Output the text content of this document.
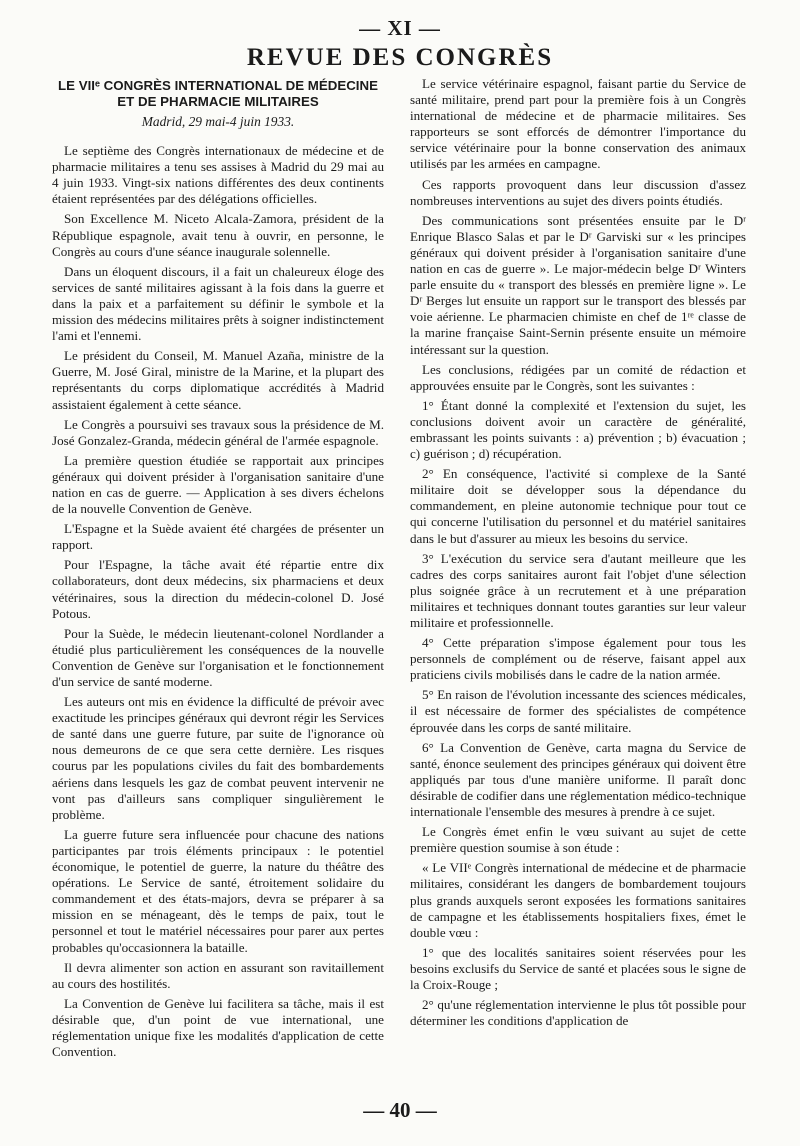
— XI —
REVUE DES CONGRÈS
LE VIIᵉ CONGRÈS INTERNATIONAL DE MÉDECINE
ET DE PHARMACIE MILITAIRES
Madrid, 29 mai-4 juin 1933.

Le septième des Congrès internationaux de médecine et de pharmacie militaires a tenu ses assises à Madrid du 29 mai au 4 juin 1933. Vingt-six nations différentes des deux continents étaient représentées par des délégations officielles.

Son Excellence M. Niceto Alcala-Zamora, président de la République espagnole, avait tenu à ouvrir, en personne, le Congrès au cours d'une séance inaugurale solennelle.

Dans un éloquent discours, il a fait un chaleureux éloge des services de santé militaires agissant à la fois dans la guerre et dans la paix et a parfaitement su définir le symbole et la mission des médecins militaires prêts à soigner indistinctement l'ami et l'ennemi.

Le président du Conseil, M. Manuel Azaña, ministre de la Guerre, M. José Giral, ministre de la Marine, et la plupart des représentants du corps diplomatique accrédités à Madrid assistaient également à cette séance.

Le Congrès a poursuivi ses travaux sous la présidence de M. José Gonzalez-Granda, médecin général de l'armée espagnole.

La première question étudiée se rapportait aux principes généraux qui doivent présider à l'organisation sanitaire d'une nation en cas de guerre. — Application à ses divers échelons de la nouvelle Convention de Genève.

L'Espagne et la Suède avaient été chargées de présenter un rapport.

Pour l'Espagne, la tâche avait été répartie entre dix collaborateurs, dont deux médecins, six pharmaciens et deux vétérinaires, sous la direction du médecin-colonel D. José Potous.

Pour la Suède, le médecin lieutenant-colonel Nordlander a étudié plus particulièrement les conséquences de la nouvelle Convention de Genève sur l'organisation et le fonctionnement d'un service de santé moderne.

Les auteurs ont mis en évidence la difficulté de prévoir avec exactitude les principes généraux qui devront régir les Services de santé dans une guerre future, par suite de l'ignorance où nous demeurons de ce que sera cette dernière. Les risques courus par les populations civiles du fait des bombardements aériens dans lesquels les gaz de combat peuvent intervenir ne vont pas d'ailleurs sans compliquer singulièrement le problème.

La guerre future sera influencée pour chacune des nations participantes par trois éléments principaux : le potentiel économique, le potentiel de guerre, la nature du théâtre des opérations. Le Service de santé, étroitement solidaire du commandement et des états-majors, devra se préparer à sa mission en se ménageant, dès le temps de paix, tout le personnel et tout le matériel nécessaires pour parer aux pertes probables qu'occasionnera la bataille.

Il devra alimenter son action en assurant son ravitaillement au cours des hostilités.

La Convention de Genève lui facilitera sa tâche, mais il est désirable que, d'un point de vue international, une réglementation unique fixe les modalités d'application de cette Convention.

Le service vétérinaire espagnol, faisant partie du Service de santé militaire, prend part pour la première fois à un Congrès international de médecine et de pharmacie militaires. Ses rapporteurs se sont efforcés de démontrer l'importance du service vétérinaire pour la bonne conservation des animaux utilisés par les armées en campagne.

Ces rapports provoquent dans leur discussion d'assez nombreuses interventions au sujet des divers points étudiés.

Des communications sont présentées ensuite par le Dʳ Enrique Blasco Salas et par le Dʳ Garviski sur « les principes généraux qui doivent présider à l'organisation sanitaire d'une nation en cas de guerre ». Le major-médecin belge Dʳ Winters parle ensuite du « transport des blessés en première ligne ». Le Dʳ Berges lut ensuite un rapport sur le transport des blessés par voie aérienne. Le pharmacien chimiste en chef de 1ʳᵉ classe de la marine française Saint-Sernin présente ensuite un mémoire intéressant sur la question.

Les conclusions, rédigées par un comité de rédaction et approuvées ensuite par le Congrès, sont les suivantes :

1° Étant donné la complexité et l'extension du sujet, les conclusions doivent avoir un caractère de généralité, embrassant les points suivants : a) prévention ; b) évacuation ; c) guérison ; d) récupération.

2° En conséquence, l'activité si complexe de la Santé militaire doit se développer sous la dépendance du commandement, en pleine autonomie technique pour tout ce qui concerne l'utilisation du personnel et du matériel sanitaires dans le but d'assurer au mieux les besoins du service.

3° L'exécution du service sera d'autant meilleure que les cadres des corps sanitaires auront fait l'objet d'une sélection plus soignée grâce à un recrutement et à une préparation militaires et techniques donnant toutes garanties sur leur valeur militaire et professionnelle.

4° Cette préparation s'impose également pour tous les personnels de complément ou de réserve, faisant appel aux praticiens civils mobilisés dans le cadre de la nation armée.

5° En raison de l'évolution incessante des sciences médicales, il est nécessaire de former des spécialistes de compétence éprouvée dans les corps de santé militaire.

6° La Convention de Genève, carta magna du Service de santé, énonce seulement des principes généraux qui doivent être appliqués par tous d'une manière uniforme. Il paraît donc désirable de codifier dans une réglementation médico-technique internationale l'ensemble des mesures à prendre à ce sujet.

Le Congrès émet enfin le vœu suivant au sujet de cette première question soumise à son étude :

« Le VIIᵉ Congrès international de médecine et de pharmacie militaires, considérant les dangers de bombardement toujours plus grands auxquels seront exposées les formations sanitaires de campagne et les établissements hospitaliers fixes, émet le double vœu :

1° que des localités sanitaires soient réservées pour les besoins exclusifs du Service de santé et placées sous le signe de la Croix-Rouge ;

2° qu'une réglementation intervienne le plus tôt possible pour déterminer les conditions d'application de

— 40 —
